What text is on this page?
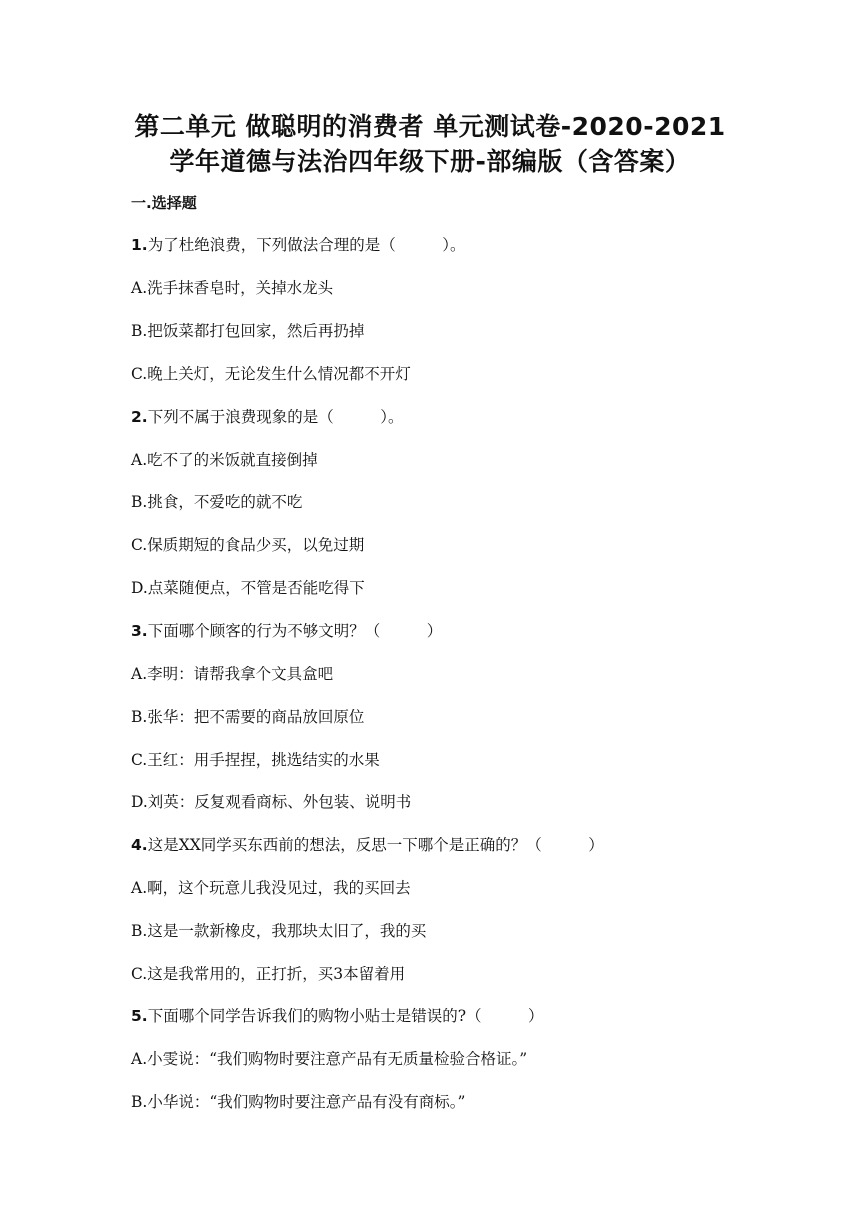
第二单元 做聪明的消费者 单元测试卷-2020-2021
学年道德与法治四年级下册-部编版（含答案）
一.选择题
1.为了杜绝浪费，下列做法合理的是（　　　）。
A.洗手抹香皂时，关掉水龙头
B.把饭菜都打包回家，然后再扔掉
C.晚上关灯，无论发生什么情况都不开灯
2.下列不属于浪费现象的是（　　　）。
A.吃不了的米饭就直接倒掉
B.挑食，不爱吃的就不吃
C.保质期短的食品少买，以免过期
D.点菜随便点，不管是否能吃得下
3.下面哪个顾客的行为不够文明？（　　　）
A.李明：请帮我拿个文具盒吧
B.张华：把不需要的商品放回原位
C.王红：用手捏捏，挑选结实的水果
D.刘英：反复观看商标、外包装、说明书
4.这是XX同学买东西前的想法，反思一下哪个是正确的？（　　　）
A.啊，这个玩意儿我没见过，我的买回去
B.这是一款新橡皮，我那块太旧了，我的买
C.这是我常用的，正打折，买3本留着用
5.下面哪个同学告诉我们的购物小贴士是错误的?（　　　）
A.小雯说：“我们购物时要注意产品有无质量检验合格证。”
B.小华说：“我们购物时要注意产品有没有商标。”
